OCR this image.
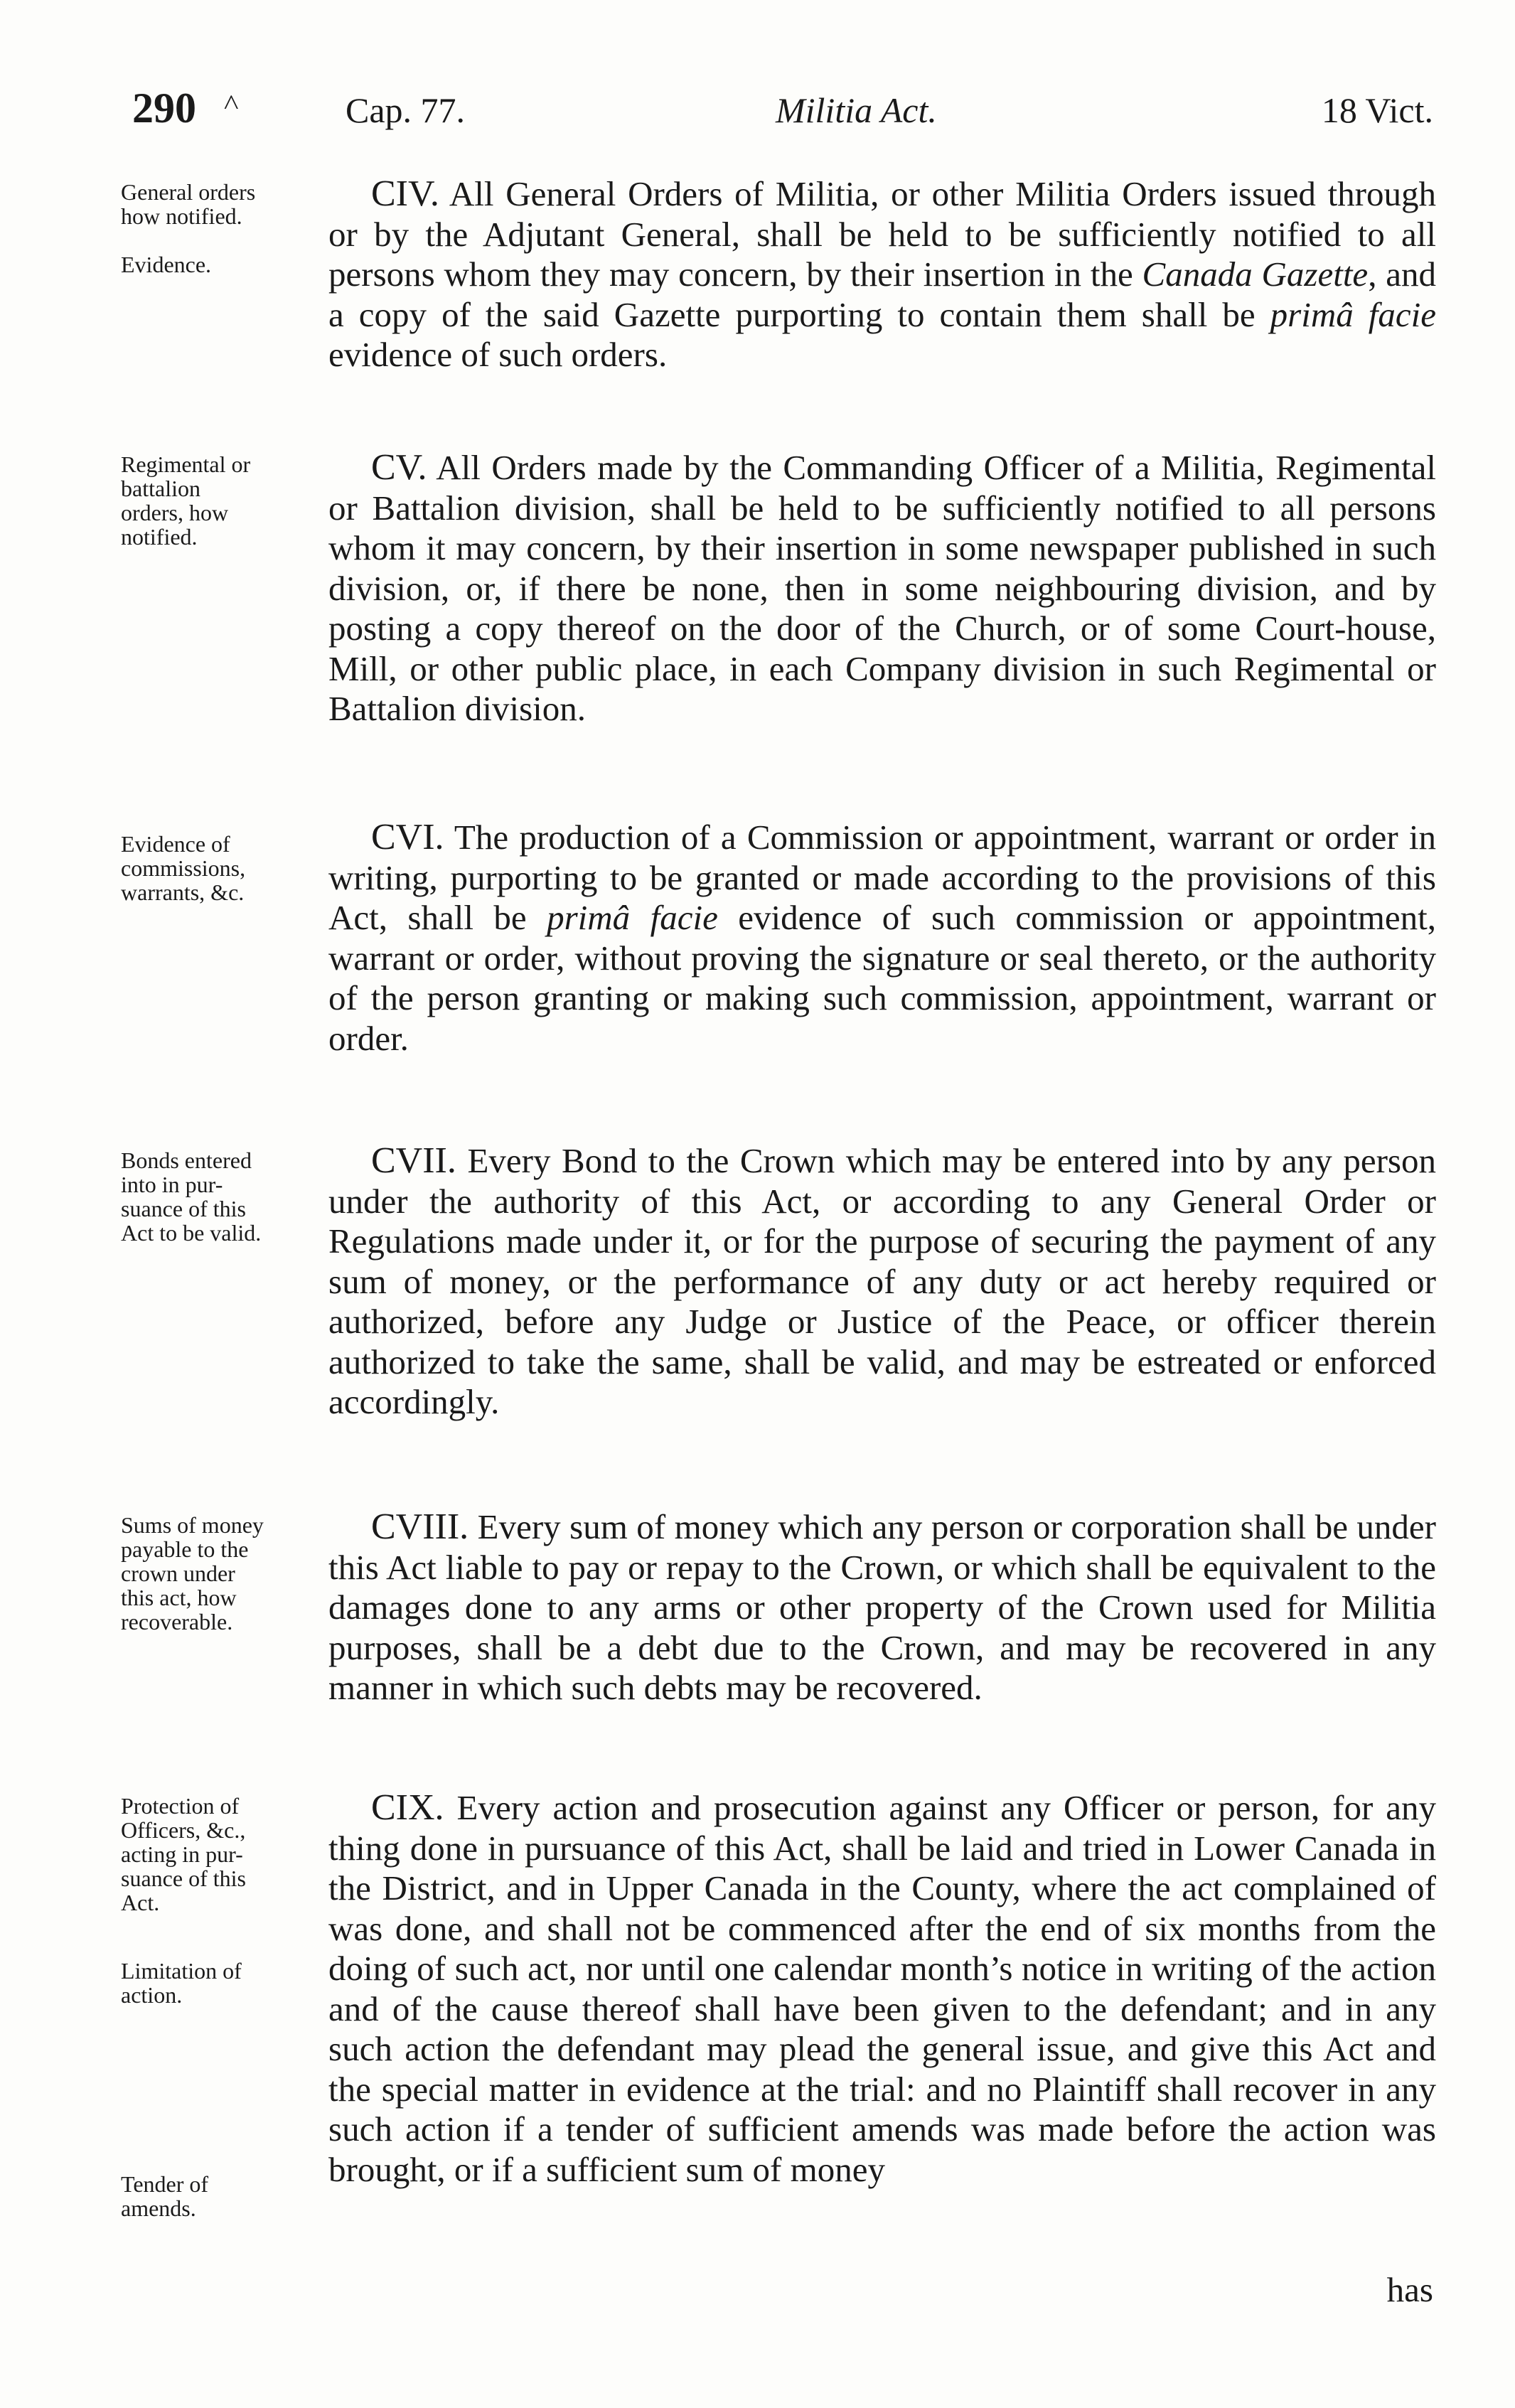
290 ˄	Cap. 77.	Militia Act.	18 Vict.
General orders
how notified.
Evidence.

CIV. All General Orders of Militia, or other Militia Orders issued through or by the Adjutant General, shall be held to be sufficiently notified to all persons whom they may concern, by their insertion in the Canada Gazette, and a copy of the said Gazette purporting to contain them shall be primâ facie evidence of such orders.

Regimental or
battalion
orders, how
notified.

CV. All Orders made by the Commanding Officer of a Militia, Regimental or Battalion division, shall be held to be sufficiently notified to all persons whom it may concern, by their insertion in some newspaper published in such division, or, if there be none, then in some neighbouring division, and by posting a copy thereof on the door of the Church, or of some Court-house, Mill, or other public place, in each Company division in such Regimental or Battalion division.

Evidence of
commissions,
warrants, &c.

CVI. The production of a Commission or appointment, warrant or order in writing, purporting to be granted or made according to the provisions of this Act, shall be primâ facie evidence of such commission or appointment, warrant or order, without proving the signature or seal thereto, or the authority of the person granting or making such commission, appointment, warrant or order.

Bonds entered
into in pur-
suance of this
Act to be valid.

CVII. Every Bond to the Crown which may be entered into by any person under the authority of this Act, or according to any General Order or Regulations made under it, or for the purpose of securing the payment of any sum of money, or the performance of any duty or act hereby required or authorized, before any Judge or Justice of the Peace, or officer therein authorized to take the same, shall be valid, and may be estreated or enforced accordingly.

Sums of money
payable to the
crown under
this act, how
recoverable.

CVIII. Every sum of money which any person or corporation shall be under this Act liable to pay or repay to the Crown, or which shall be equivalent to the damages done to any arms or other property of the Crown used for Militia purposes, shall be a debt due to the Crown, and may be recovered in any manner in which such debts may be recovered.

Protection of
Officers, &c.,
acting in pur-
suance of this
Act.
Limitation of
action.
Tender of
amends.

CIX. Every action and prosecution against any Officer or person, for any thing done in pursuance of this Act, shall be laid and tried in Lower Canada in the District, and in Upper Canada in the County, where the act complained of was done, and shall not be commenced after the end of six months from the doing of such act, nor until one calendar month’s notice in writing of the action and of the cause thereof shall have been given to the defendant; and in any such action the defendant may plead the general issue, and give this Act and the special matter in evidence at the trial: and no Plaintiff shall recover in any such action if a tender of sufficient amends was made before the action was brought, or if a sufficient sum of money

has
